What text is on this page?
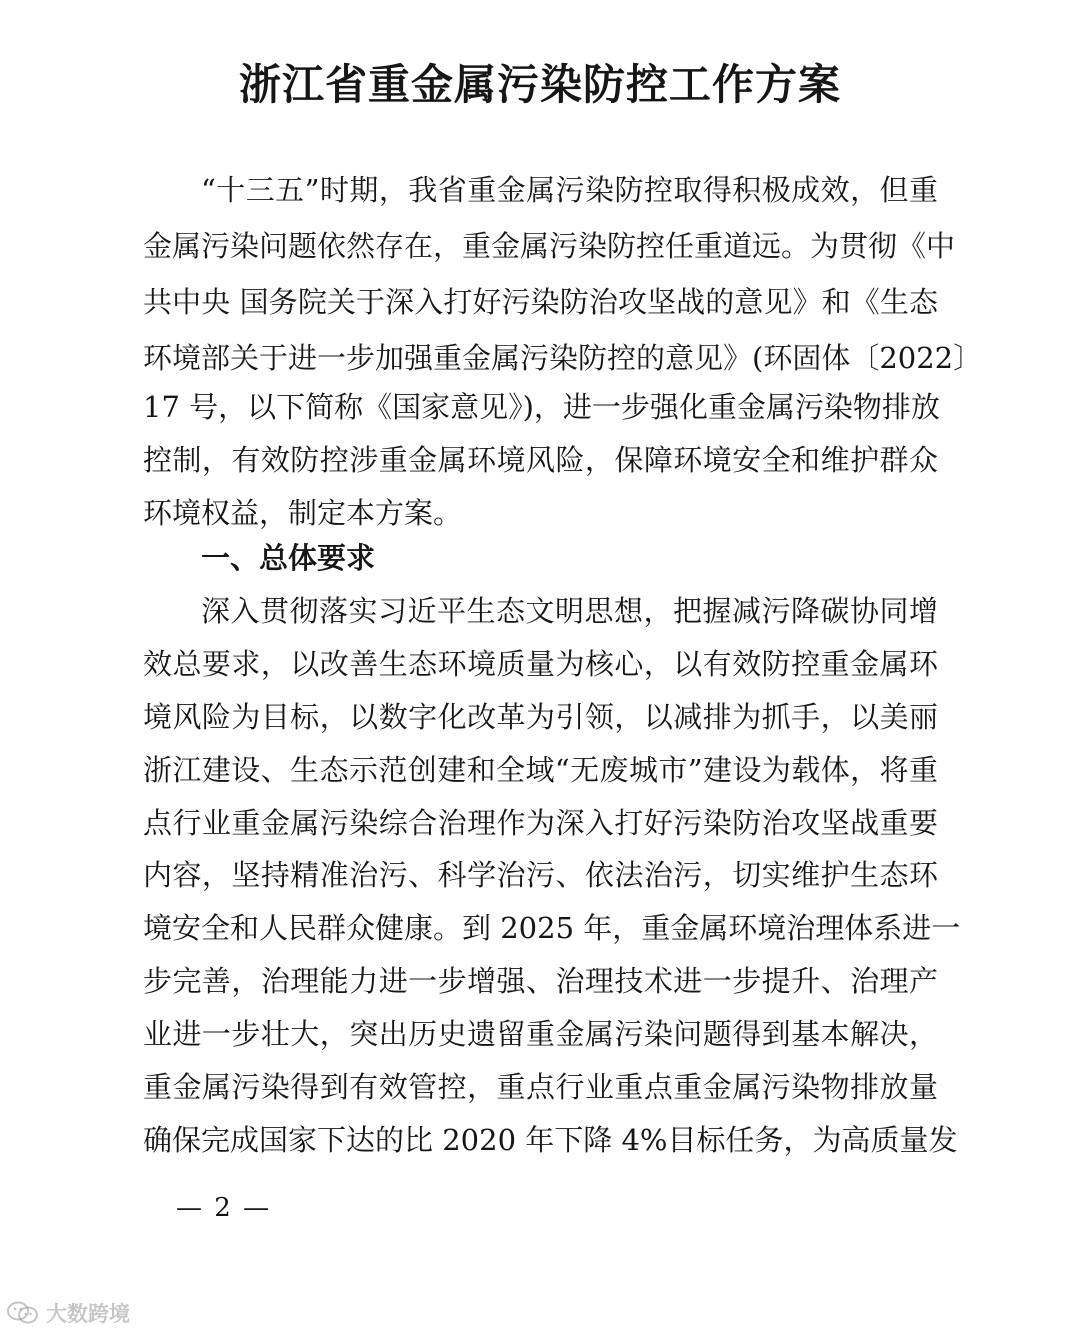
浙江省重金属污染防控工作方案
“十三五”时期，我省重金属污染防控取得积极成效，但重
金属污染问题依然存在，重金属污染防控任重道远。为贯彻《中
共中央 国务院关于深入打好污染防治攻坚战的意见》和《生态
环境部关于进一步加强重金属污染防控的意见》(环固体〔2022〕
17 号，以下简称《国家意见》)，进一步强化重金属污染物排放
控制，有效防控涉重金属环境风险，保障环境安全和维护群众
环境权益，制定本方案。
一、总体要求
深入贯彻落实习近平生态文明思想，把握减污降碳协同增
效总要求，以改善生态环境质量为核心，以有效防控重金属环
境风险为目标，以数字化改革为引领，以减排为抓手，以美丽
浙江建设、生态示范创建和全域“无废城市”建设为载体，将重
点行业重金属污染综合治理作为深入打好污染防治攻坚战重要
内容，坚持精准治污、科学治污、依法治污，切实维护生态环
境安全和人民群众健康。到 2025 年，重金属环境治理体系进一
步完善，治理能力进一步增强、治理技术进一步提升、治理产
业进一步壮大，突出历史遗留重金属污染问题得到基本解决，
重金属污染得到有效管控，重点行业重点重金属污染物排放量
确保完成国家下达的比 2020 年下降 4%目标任务，为高质量发
— 2 —
大数跨境
